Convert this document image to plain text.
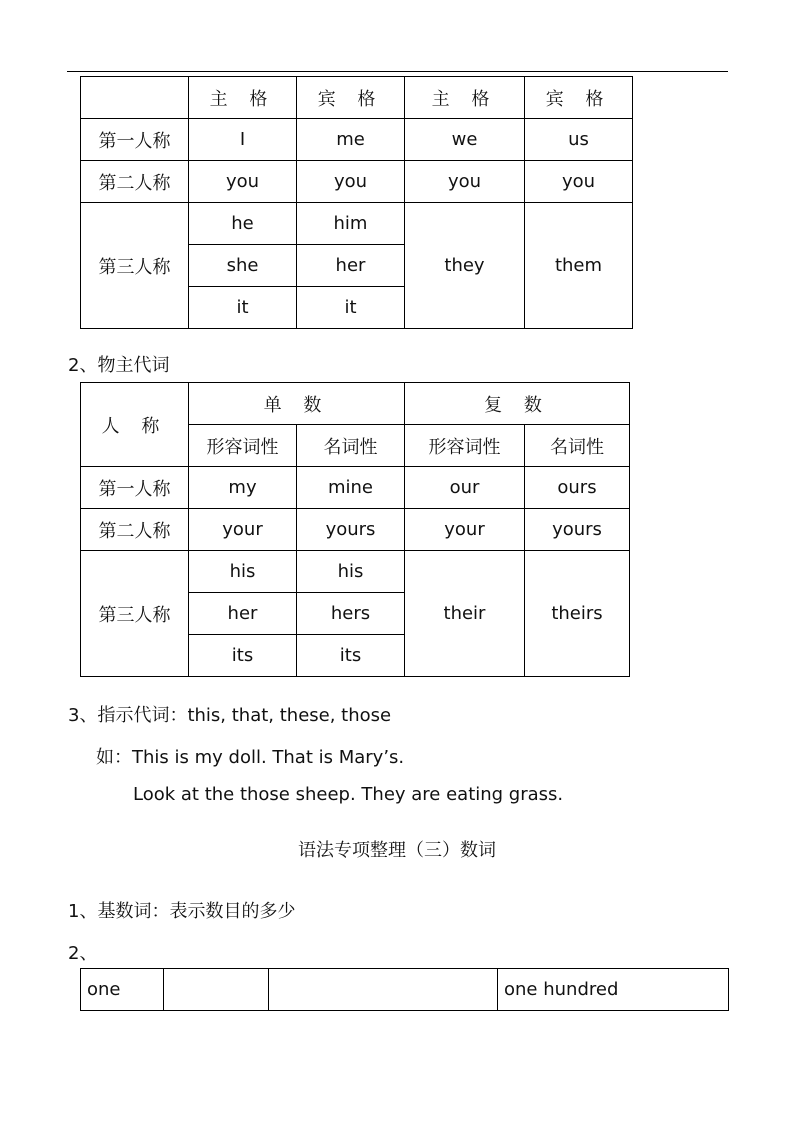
	主 格	宾 格	主 格	宾 格
第一人称	I	me	we	us
第二人称	you	you	you	you
第三人称	he	him	they	them
	she	her		
	it	it		
2、物主代词
人 称	单 数		复 数	
	形容词性	名词性	形容词性	名词性
第一人称	my	mine	our	ours
第二人称	your	yours	your	yours
第三人称	his	his	their	theirs
	her	hers		
	its	its		
3、指示代词：this, that, these, those
如：This is my doll. That is Mary’s.
Look at the those sheep. They are eating grass.
语法专项整理（三）数词
1、基数词：表示数目的多少
2、
one			one hundred
